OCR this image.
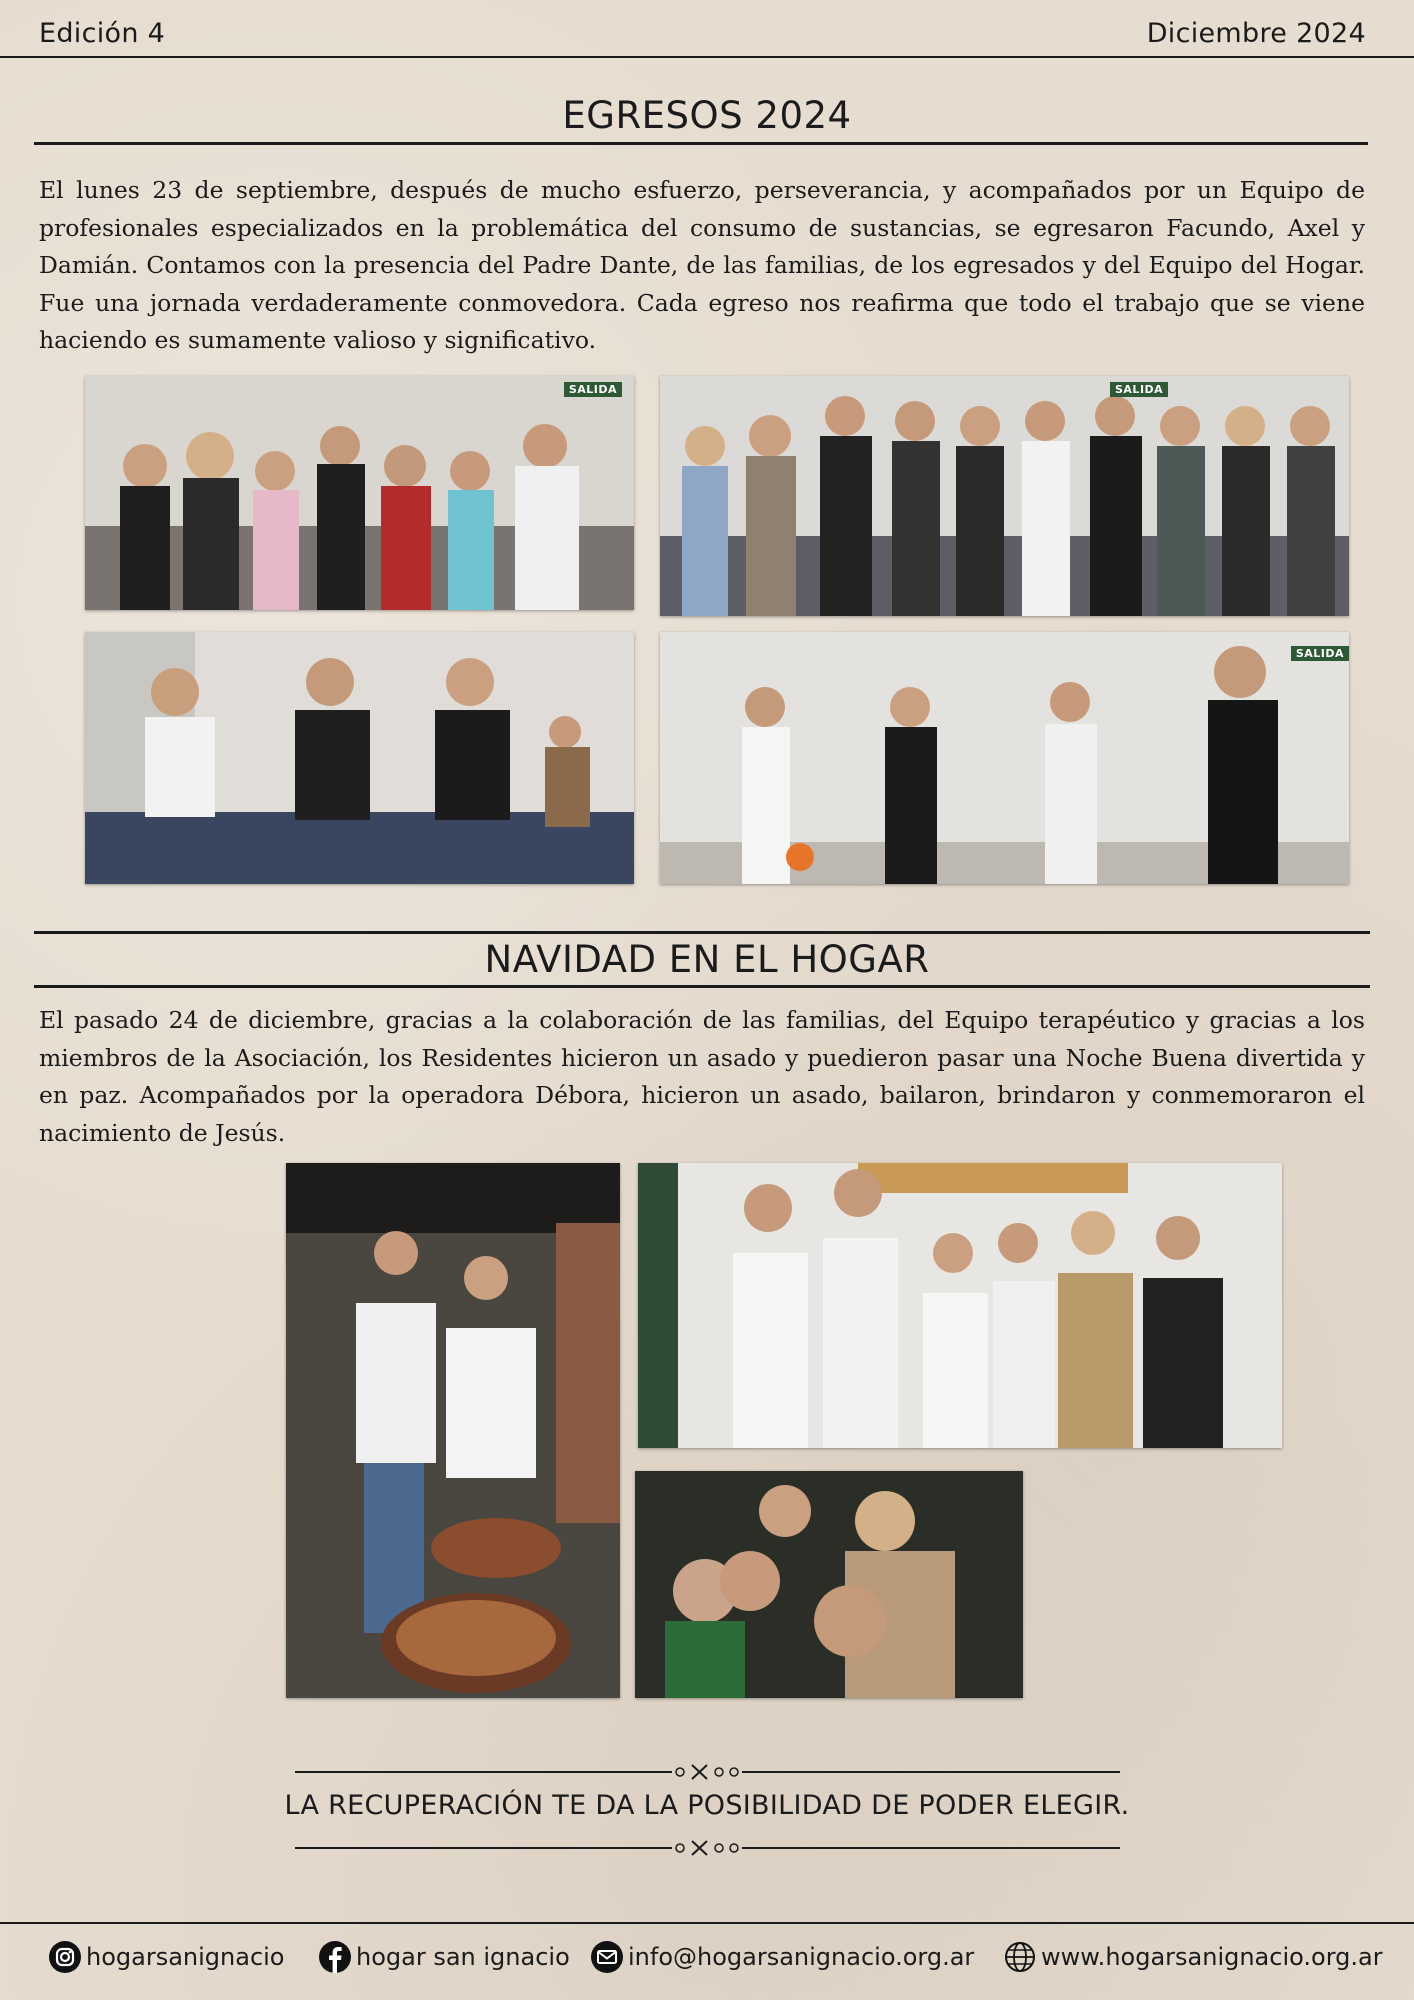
Edición 4	Diciembre 2024
EGRESOS 2024

El lunes 23 de septiembre, después de mucho esfuerzo, perseverancia, y acompañados por un Equipo de profesionales especializados en la problemática del consumo de sustancias, se egresaron Facundo, Axel y Damián. Contamos con la presencia del Padre Dante, de las familias, de los egresados y del Equipo del Hogar. Fue una jornada verdaderamente conmovedora. Cada egreso nos reafirma que todo el trabajo que se viene haciendo es sumamente valioso y significativo.

SALIDA	SALIDA
SALIDA
NAVIDAD EN EL HOGAR

El pasado 24 de diciembre, gracias a la colaboración de las familias, del Equipo terapéutico y gracias a los miembros de la Asociación, los Residentes hicieron un asado y puedieron pasar una Noche Buena divertida y en paz. Acompañados por la operadora Débora, hicieron un asado, bailaron, brindaron y conmemoraron el nacimiento de Jesús.

LA RECUPERACIÓN TE DA LA POSIBILIDAD DE PODER ELEGIR.
hogarsanignacio	hogar san ignacio info@hogarsanignacio.org.ar	www.hogarsanignacio.org.ar
